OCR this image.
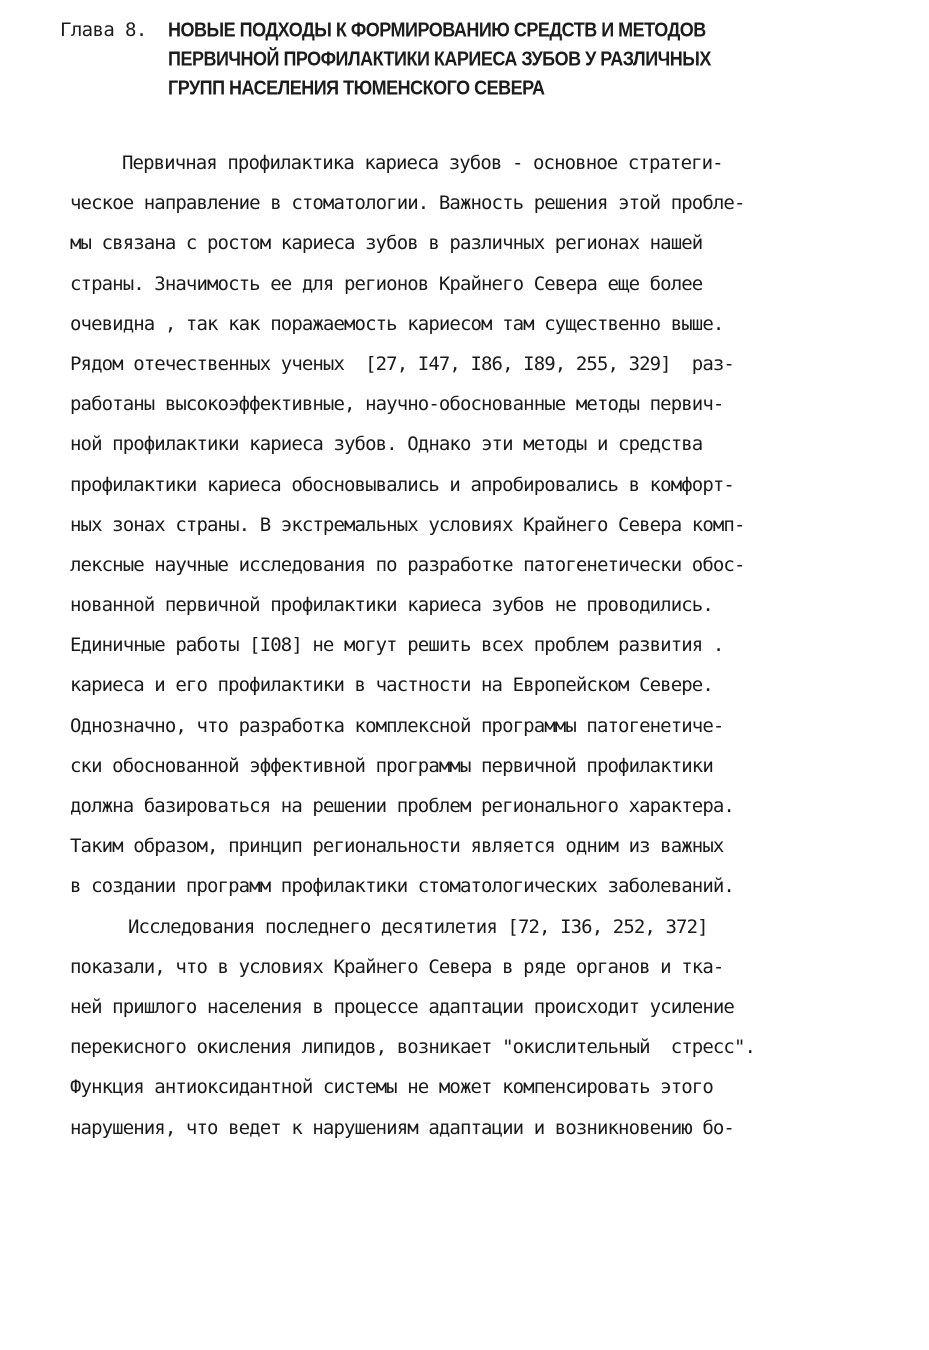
Глава 8. НОВЫЕ ПОДХОДЫ К ФОРМИРОВАНИЮ СРЕДСТВ И МЕТОДОВ
ПЕРВИЧНОЙ ПРОФИЛАКТИКИ КАРИЕСА ЗУБОВ У РАЗЛИЧНЫХ
ГРУПП НАСЕЛЕНИЯ ТЮМЕНСКОГО СЕВЕРА
Первичная профилактика кариеса зубов - основное стратеги-
ческое направление в стоматологии. Важность решения этой пробле-
мы связана с ростом кариеса зубов в различных регионах нашей
страны. Значимость ее для регионов Крайнего Севера еще более
очевидна , так как поражаемость кариесом там существенно выше.
Рядом отечественных ученых  [27, I47, I86, I89, 255, 329]  раз-
работаны высокоэффективные, научно-обоснованные методы первич-
ной профилактики кариеса зубов. Однако эти методы и средства
профилактики кариеса обосновывались и апробировались в комфорт-
ных зонах страны. В экстремальных условиях Крайнего Севера комп-
лексные научные исследования по разработке патогенетически обос-
нованной первичной профилактики кариеса зубов не проводились.
Единичные работы [I08] не могут решить всех проблем развития .
кариеса и его профилактики в частности на Европейском Севере.
Однозначно, что разработка комплексной программы патогенетиче-
ски обоснованной эффективной программы первичной профилактики
должна базироваться на решении проблем регионального характера.
Таким образом, принцип региональности является одним из важных
в создании программ профилактики стоматологических заболеваний.
Исследования последнего десятилетия [72, I36, 252, 372]
показали, что в условиях Крайнего Севера в ряде органов и тка-
ней пришлого населения в процессе адаптации происходит усиление
перекисного окисления липидов, возникает "окислительный  стресс".
Функция антиоксидантной системы не может компенсировать этого
нарушения, что ведет к нарушениям адаптации и возникновению бо-
